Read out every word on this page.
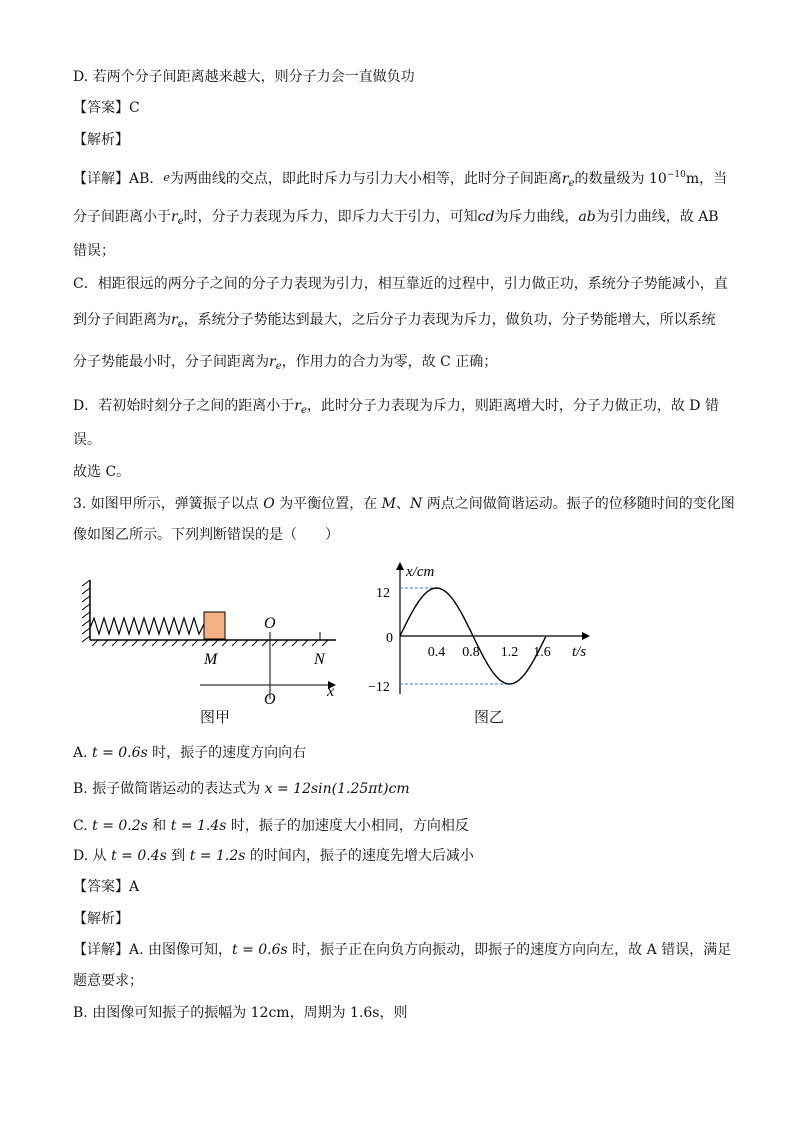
D. 若两个分子间距离越来越大，则分子力会一直做负功
【答案】C
【解析】
【详解】AB．e为两曲线的交点，即此时斥力与引力大小相等，此时分子间距离$r_e$的数量级为 $10^{-10}m$，当
分子间距离小于$r_e$时，分子力表现为斥力，即斥力大于引力，可知cd为斥力曲线，ab为引力曲线，故 AB
错误；
C．相距很远的两分子之间的分子力表现为引力，相互靠近的过程中，引力做正功，系统分子势能减小，直
到分子间距离为$r_e$，系统分子势能达到最大，之后分子力表现为斥力，做负功，分子势能增大，所以系统
分子势能最小时，分子间距离为$r_e$，作用力的合力为零，故 C 正确；
D．若初始时刻分子之间的距离小于$r_e$，此时分子力表现为斥力，则距离增大时，分子力做正功，故 D 错
误。
故选 C。
3. 如图甲所示，弹簧振子以点 O 为平衡位置，在 M、N 两点之间做简谐运动。振子的位移随时间的变化图
像如图乙所示。下列判断错误的是（　　）
O
M	N
O	x
图甲
x/cm
t/s
12
0
−12
0.4 0.8 1.2 1.6
图乙
A. t = 0.6s 时，振子的速度方向向右
B. 振子做简谐运动的表达式为 x = 12sin(1.25πt)cm
C. t = 0.2s 和 t = 1.4s 时，振子的加速度大小相同，方向相反
D. 从 t = 0.4s 到 t = 1.2s 的时间内，振子的速度先增大后减小
【答案】A
【解析】
【详解】A. 由图像可知，t = 0.6s 时，振子正在向负方向振动，即振子的速度方向向左，故 A 错误，满足
题意要求；
B. 由图像可知振子的振幅为 12cm，周期为 1.6s，则
